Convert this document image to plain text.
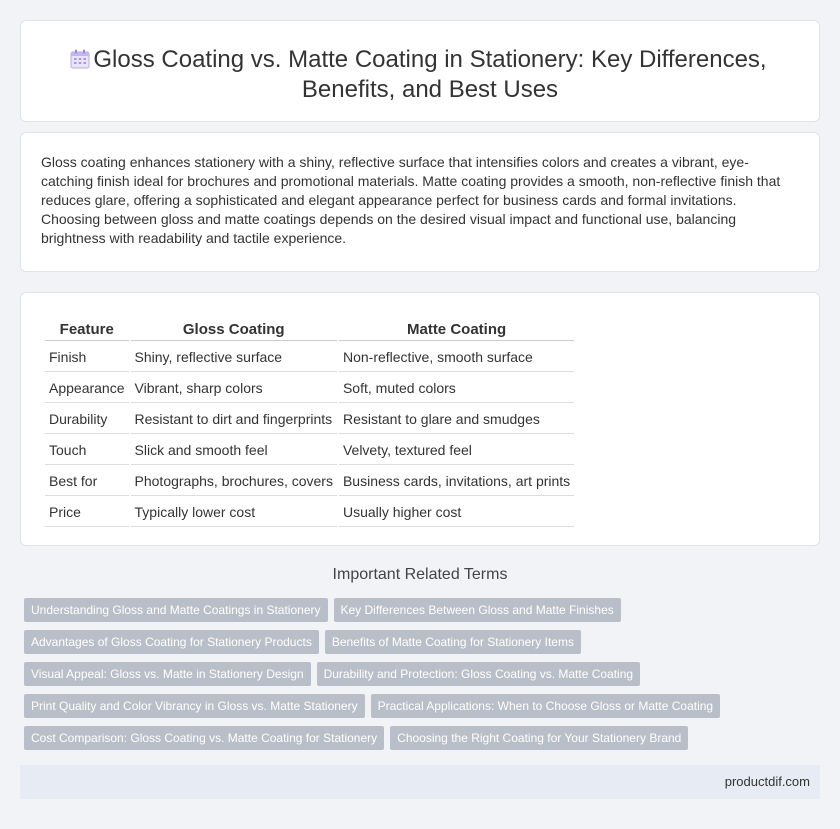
Gloss Coating vs. Matte Coating in Stationery: Key Differences, Benefits, and Best Uses

Gloss coating enhances stationery with a shiny, reflective surface that intensifies colors and creates a vibrant, eye-catching finish ideal for brochures and promotional materials. Matte coating provides a smooth, non-reflective finish that reduces glare, offering a sophisticated and elegant appearance perfect for business cards and formal invitations. Choosing between gloss and matte coatings depends on the desired visual impact and functional use, balancing brightness with readability and tactile experience.

Feature	Gloss Coating	Matte Coating
Finish	Shiny, reflective surface	Non-reflective, smooth surface
Appearance	Vibrant, sharp colors	Soft, muted colors
Durability	Resistant to dirt and fingerprints	Resistant to glare and smudges
Touch	Slick and smooth feel	Velvety, textured feel
Best for	Photographs, brochures, covers	Business cards, invitations, art prints
Price	Typically lower cost	Usually higher cost
Important Related Terms
Understanding Gloss and Matte Coatings in Stationery Key Differences Between Gloss and Matte Finishes
Advantages of Gloss Coating for Stationery Products Benefits of Matte Coating for Stationery Items
Visual Appeal: Gloss vs. Matte in Stationery Design Durability and Protection: Gloss Coating vs. Matte Coating
Print Quality and Color Vibrancy in Gloss vs. Matte Stationery Practical Applications: When to Choose Gloss or Matte Coating
Cost Comparison: Gloss Coating vs. Matte Coating for Stationery Choosing the Right Coating for Your Stationery Brand
productdif.com
